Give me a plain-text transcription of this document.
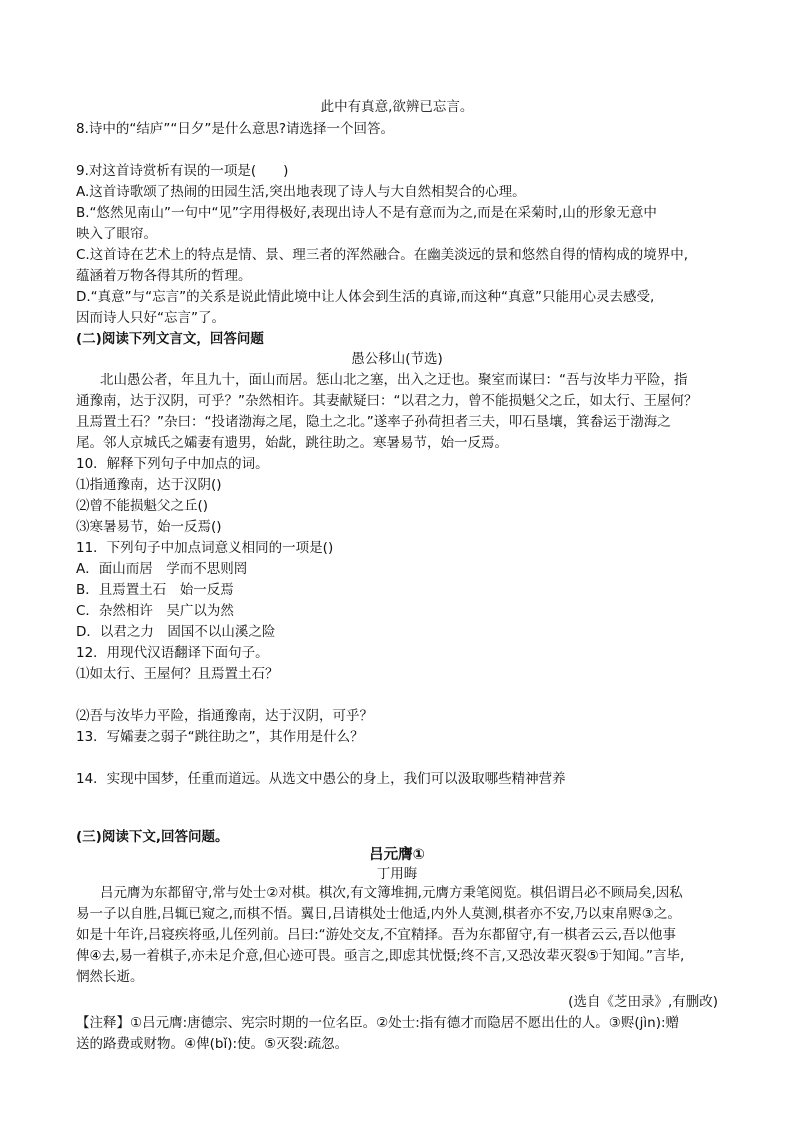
此中有真意,欲辨已忘言。
8.诗中的“结庐”“日夕”是什么意思?请选择一个回答。
9.对这首诗赏析有误的一项是(　　)
A.这首诗歌颂了热闹的田园生活,突出地表现了诗人与大自然相契合的心理。
B.“悠然见南山”一句中“见”字用得极好,表现出诗人不是有意而为之,而是在采菊时,山的形象无意中
映入了眼帘。
C.这首诗在艺术上的特点是情、景、理三者的浑然融合。在幽美淡远的景和悠然自得的情构成的境界中,
蕴涵着万物各得其所的哲理。
D.“真意”与“忘言”的关系是说此情此境中让人体会到生活的真谛,而这种“真意”只能用心灵去感受,
因而诗人只好“忘言”了。
(二)阅读下列文言文，回答问题
愚公移山(节选)
北山愚公者，年且九十，面山而居。惩山北之塞，出入之迂也。聚室而谋曰：“吾与汝毕力平险，指
通豫南，达于汉阴，可乎？”杂然相许。其妻献疑曰：“以君之力，曾不能损魁父之丘，如太行、王屋何？
且焉置土石？”杂曰：“投诸渤海之尾，隐土之北。”遂率子孙荷担者三夫，叩石垦壤，箕畚运于渤海之
尾。邻人京城氏之孀妻有遗男，始龀，跳往助之。寒暑易节，始一反焉。
10．解释下列句子中加点的词。
⑴指通豫南，达于汉阴()
⑵曾不能损魁父之丘()
⑶寒暑易节，始一反焉()
11．下列句子中加点词意义相同的一项是()
A．面山而居　学而不思则罔
B．且焉置土石　始一反焉
C．杂然相许　吴广以为然
D．以君之力　固国不以山溪之险
12．用现代汉语翻译下面句子。
⑴如太行、王屋何？且焉置土石？
⑵吾与汝毕力平险，指通豫南，达于汉阴，可乎？
13．写孀妻之弱子“跳往助之”，其作用是什么？
14．实现中国梦，任重而道远。从选文中愚公的身上，我们可以汲取哪些精神营养
(三)阅读下文,回答问题。
吕元膺①
丁用晦
吕元膺为东都留守,常与处士②对棋。棋次,有文簿堆拥,元膺方秉笔阅览。棋侣谓吕必不顾局矣,因私
易一子以自胜,吕辄已窥之,而棋不悟。翼日,吕请棋处士他适,内外人莫测,棋者亦不安,乃以束帛赆③之。
如是十年许,吕寝疾将亟,儿侄列前。吕曰:“游处交友,不宜精择。吾为东都留守,有一棋者云云,吾以他事
俾④去,易一着棋子,亦未足介意,但心迹可畏。亟言之,即虑其忧慑;终不言,又恐汝辈灭裂⑤于知闻。”言毕,
惘然长逝。
(选自《芝田录》,有删改)
【注释】①吕元膺:唐德宗、宪宗时期的一位名臣。②处士:指有德才而隐居不愿出仕的人。③赆(jìn):赠
送的路费或财物。④俾(bǐ):使。⑤灭裂:疏忽。
